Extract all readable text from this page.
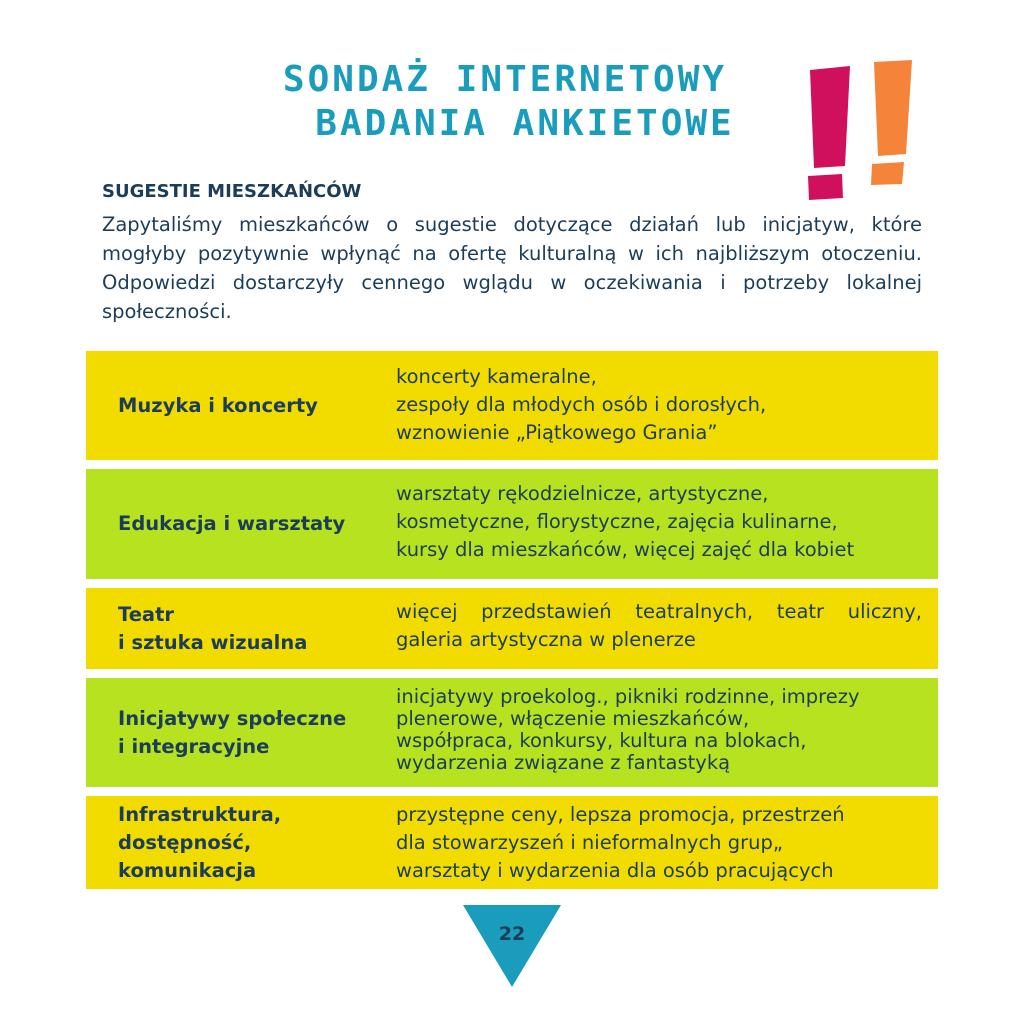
SONDAŻ INTERNETOWY
BADANIA ANKIETOWE
SUGESTIE MIESZKAŃCÓW
Zapytaliśmy mieszkańców o sugestie dotyczące działań lub inicjatyw, które mogłyby pozytywnie wpłynąć na ofertę kulturalną w ich najbliższym otoczeniu. Odpowiedzi dostarczyły cennego wglądu w oczekiwania i potrzeby lokalnej społeczności.
Muzyka i koncerty
koncerty kameralne,
zespoły dla młodych osób i dorosłych,
wznowienie „Piątkowego Grania”
Edukacja i warsztaty
warsztaty rękodzielnicze, artystyczne,
kosmetyczne, florystyczne, zajęcia kulinarne,
kursy dla mieszkańców, więcej zajęć dla kobiet
Teatr
i sztuka wizualna
więcej przedstawień teatralnych, teatr uliczny, galeria artystyczna w plenerze
Inicjatywy społeczne
i integracyjne
inicjatywy proekolog., pikniki rodzinne, imprezy
plenerowe, włączenie mieszkańców,
współpraca, konkursy, kultura na blokach,
wydarzenia związane z fantastyką
Infrastruktura,
dostępność,
komunikacja
przystępne ceny, lepsza promocja, przestrzeń
dla stowarzyszeń i nieformalnych grup„
warsztaty i wydarzenia dla osób pracujących
22
